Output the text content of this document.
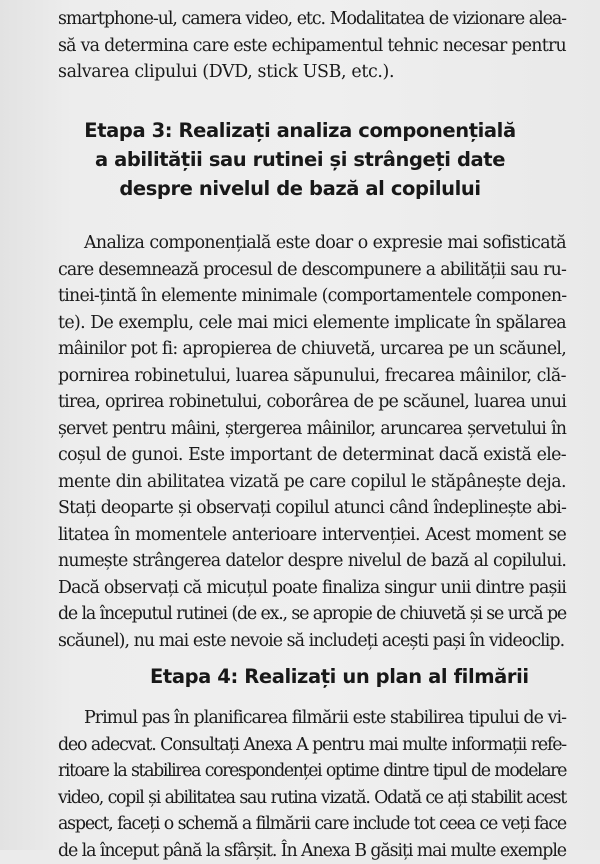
smartphone-ul, camera video, etc. Modalitatea de vizionare alea-
să va determina care este echipamentul tehnic necesar pentru
salvarea clipului (DVD, stick USB, etc.).
Etapa 3: Realizați analiza componențială
a abilității sau rutinei și strângeți date
despre nivelul de bază al copilului
Analiza componențială este doar o expresie mai sofisticată
care desemnează procesul de descompunere a abilității sau ru-
tinei-țintă în elemente minimale (comportamentele componen-
te). De exemplu, cele mai mici elemente implicate în spălarea
mâinilor pot fi: apropierea de chiuvetă, urcarea pe un scăunel,
pornirea robinetului, luarea săpunului, frecarea mâinilor, clă-
tirea, oprirea robinetului, coborârea de pe scăunel, luarea unui
șervet pentru mâini, ștergerea mâinilor, aruncarea șervetului în
coșul de gunoi. Este important de determinat dacă există ele-
mente din abilitatea vizată pe care copilul le stăpânește deja.
Stați deoparte și observați copilul atunci când îndeplinește abi-
litatea în momentele anterioare intervenției. Acest moment se
numește strângerea datelor despre nivelul de bază al copilului.
Dacă observați că micuțul poate finaliza singur unii dintre pașii
de la începutul rutinei (de ex., se apropie de chiuvetă și se urcă pe
scăunel), nu mai este nevoie să includeți acești pași în videoclip.
Etapa 4: Realizați un plan al filmării
Primul pas în planificarea filmării este stabilirea tipului de vi-
deo adecvat. Consultați Anexa A pentru mai multe informații refe-
ritoare la stabilirea corespondenței optime dintre tipul de modelare
video, copil și abilitatea sau rutina vizată. Odată ce ați stabilit acest
aspect, faceți o schemă a filmării care include tot ceea ce veți face
de la început până la sfârșit. În Anexa B găsiți mai multe exemple
